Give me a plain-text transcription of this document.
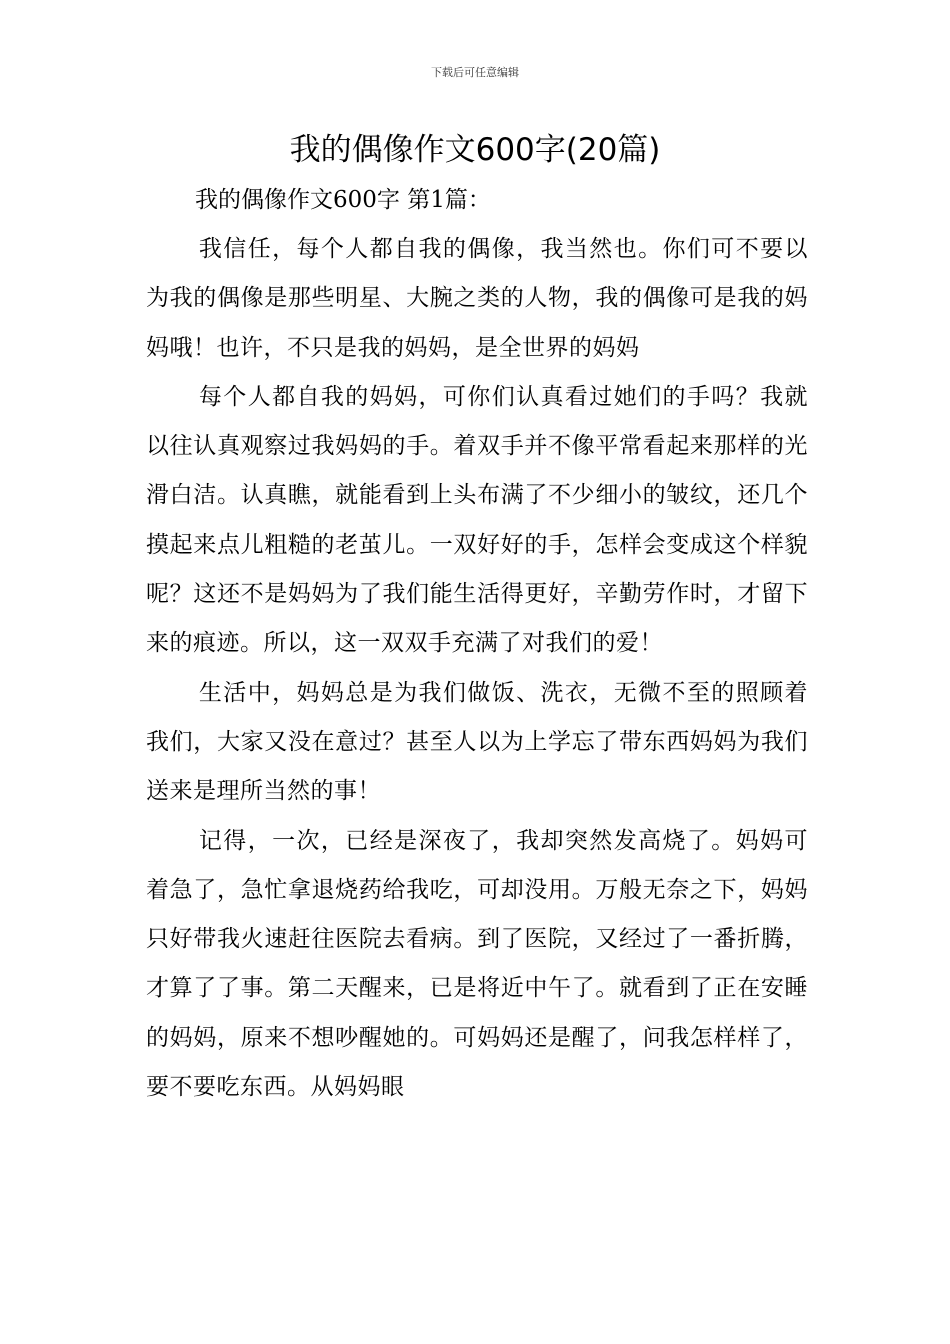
下载后可任意编辑
我的偶像作文600字(20篇)
我的偶像作文600字 第1篇：

我信任，每个人都自我的偶像，我当然也。你们可不要以为我的偶像是那些明星、大腕之类的人物，我的偶像可是我的妈妈哦！也许，不只是我的妈妈，是全世界的妈妈

每个人都自我的妈妈，可你们认真看过她们的手吗？我就以往认真观察过我妈妈的手。着双手并不像平常看起来那样的光滑白洁。认真瞧，就能看到上头布满了不少细小的皱纹，还几个摸起来点儿粗糙的老茧儿。一双好好的手，怎样会变成这个样貌呢？这还不是妈妈为了我们能生活得更好，辛勤劳作时，才留下来的痕迹。所以，这一双双手充满了对我们的爱！

生活中，妈妈总是为我们做饭、洗衣，无微不至的照顾着我们，大家又没在意过？甚至人以为上学忘了带东西妈妈为我们送来是理所当然的事！

记得，一次，已经是深夜了，我却突然发高烧了。妈妈可着急了，急忙拿退烧药给我吃，可却没用。万般无奈之下，妈妈只好带我火速赶往医院去看病。到了医院，又经过了一番折腾，才算了了事。第二天醒来，已是将近中午了。就看到了正在安睡的妈妈，原来不想吵醒她的。可妈妈还是醒了，问我怎样样了，要不要吃东西。从妈妈眼
